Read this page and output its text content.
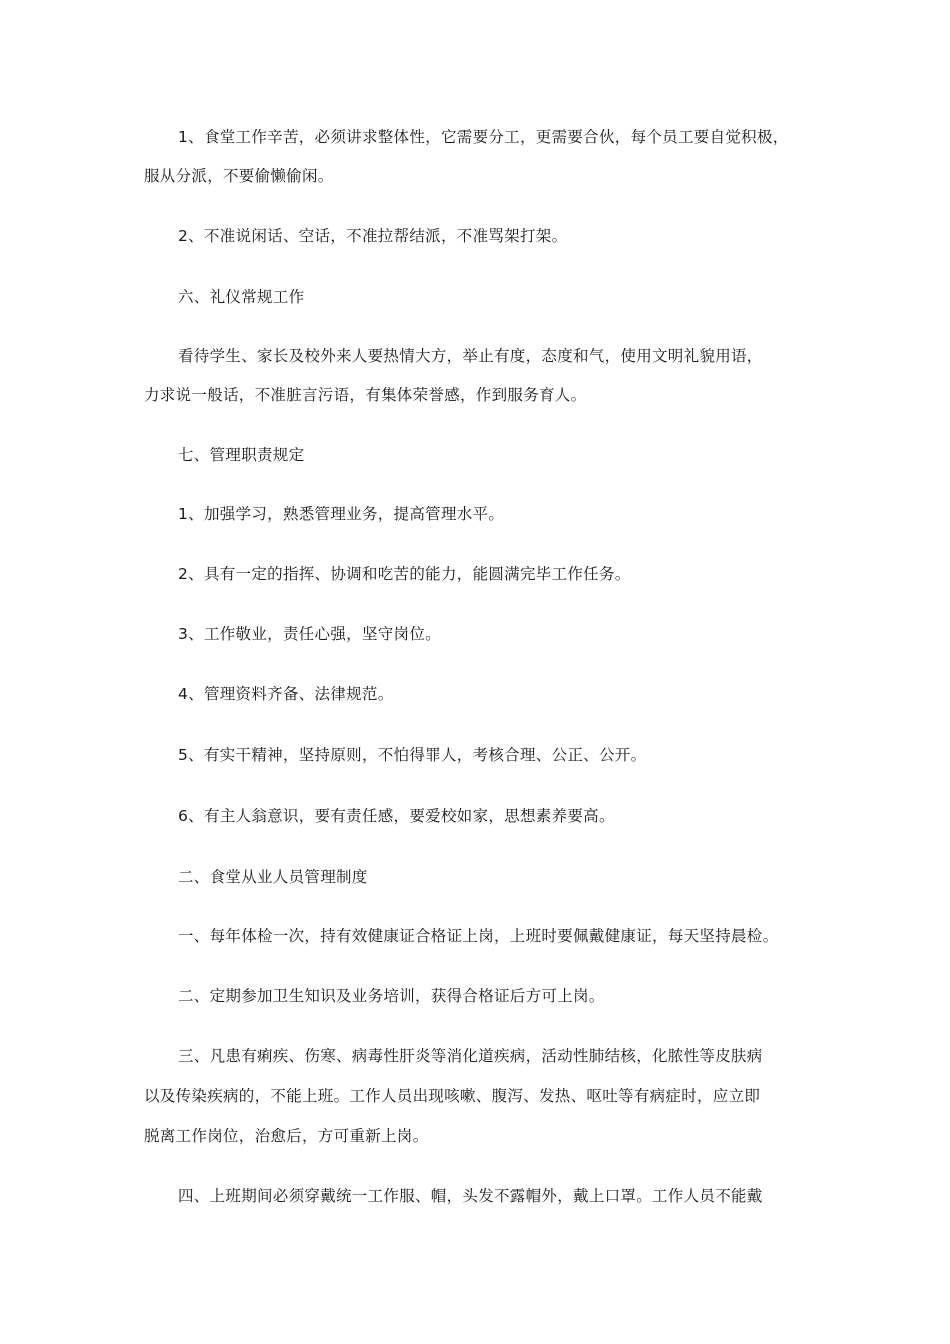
1、食堂工作辛苦，必须讲求整体性，它需要分工，更需要合伙，每个员工要自觉积极，
服从分派，不要偷懒偷闲。
2、不准说闲话、空话，不准拉帮结派，不准骂架打架。
六、礼仪常规工作
看待学生、家长及校外来人要热情大方，举止有度，态度和气，使用文明礼貌用语，
力求说一般话，不准脏言污语，有集体荣誉感，作到服务育人。
七、管理职责规定
1、加强学习，熟悉管理业务，提高管理水平。
2、具有一定的指挥、协调和吃苦的能力，能圆满完毕工作任务。
3、工作敬业，责任心强，坚守岗位。
4、管理资料齐备、法律规范。
5、有实干精神，坚持原则，不怕得罪人，考核合理、公正、公开。
6、有主人翁意识，要有责任感，要爱校如家，思想素养要高。
二、食堂从业人员管理制度
一、每年体检一次，持有效健康证合格证上岗，上班时要佩戴健康证，每天坚持晨检。
二、定期参加卫生知识及业务培训，获得合格证后方可上岗。
三、凡患有痢疾、伤寒、病毒性肝炎等消化道疾病，活动性肺结核，化脓性等皮肤病
以及传染疾病的，不能上班。工作人员出现咳嗽、腹泻、发热、呕吐等有病症时，应立即
脱离工作岗位，治愈后，方可重新上岗。
四、上班期间必须穿戴统一工作服、帽，头发不露帽外，戴上口罩。工作人员不能戴
